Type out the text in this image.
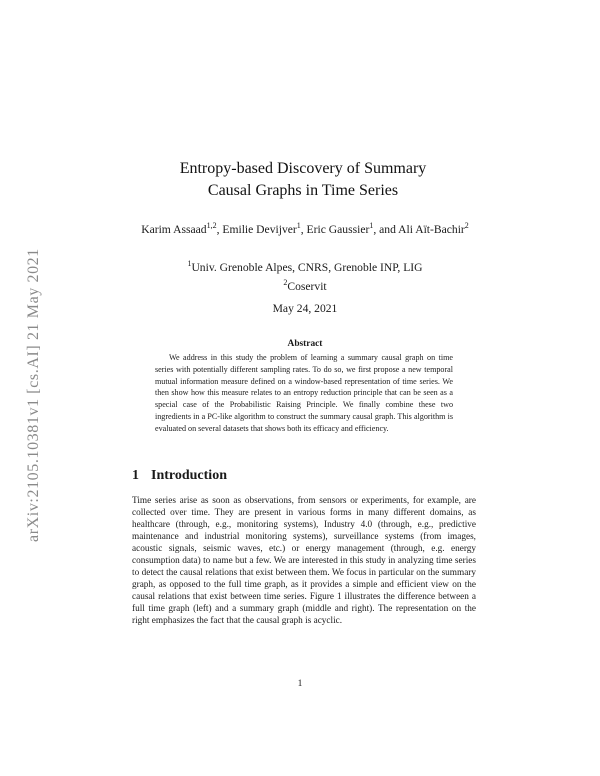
arXiv:2105.10381v1 [cs.AI] 21 May 2021
Entropy-based Discovery of Summary
Causal Graphs in Time Series
Karim Assaad$^{1,2}$, Emilie Devijver$^1$, Eric Gaussier$^1$, and Ali Aït-Bachir$^2$
$^1$Univ. Grenoble Alpes, CNRS, Grenoble INP, LIG
$^2$Coservit
May 24, 2021
Abstract

We address in this study the problem of learning a summary causal graph on time series with potentially different sampling rates. To do so, we first propose a new temporal mutual information measure defined on a window-based representation of time series. We then show how this measure relates to an entropy reduction principle that can be seen as a special case of the Probabilistic Raising Principle. We finally combine these two ingredients in a PC-like algorithm to construct the summary causal graph. This algorithm is evaluated on several datasets that shows both its efficacy and efficiency.

1 Introduction

Time series arise as soon as observations, from sensors or experiments, for example, are collected over time. They are present in various forms in many different domains, as healthcare (through, e.g., monitoring systems), Industry 4.0 (through, e.g., predictive maintenance and industrial monitoring systems), surveillance systems (from images, acoustic signals, seismic waves, etc.) or energy management (through, e.g. energy consumption data) to name but a few. We are interested in this study in analyzing time series to detect the causal relations that exist between them. We focus in particular on the summary graph, as opposed to the full time graph, as it provides a simple and efficient view on the causal relations that exist between time series. Figure 1 illustrates the difference between a full time graph (left) and a summary graph (middle and right). The representation on the right emphasizes the fact that the causal graph is acyclic.

1
